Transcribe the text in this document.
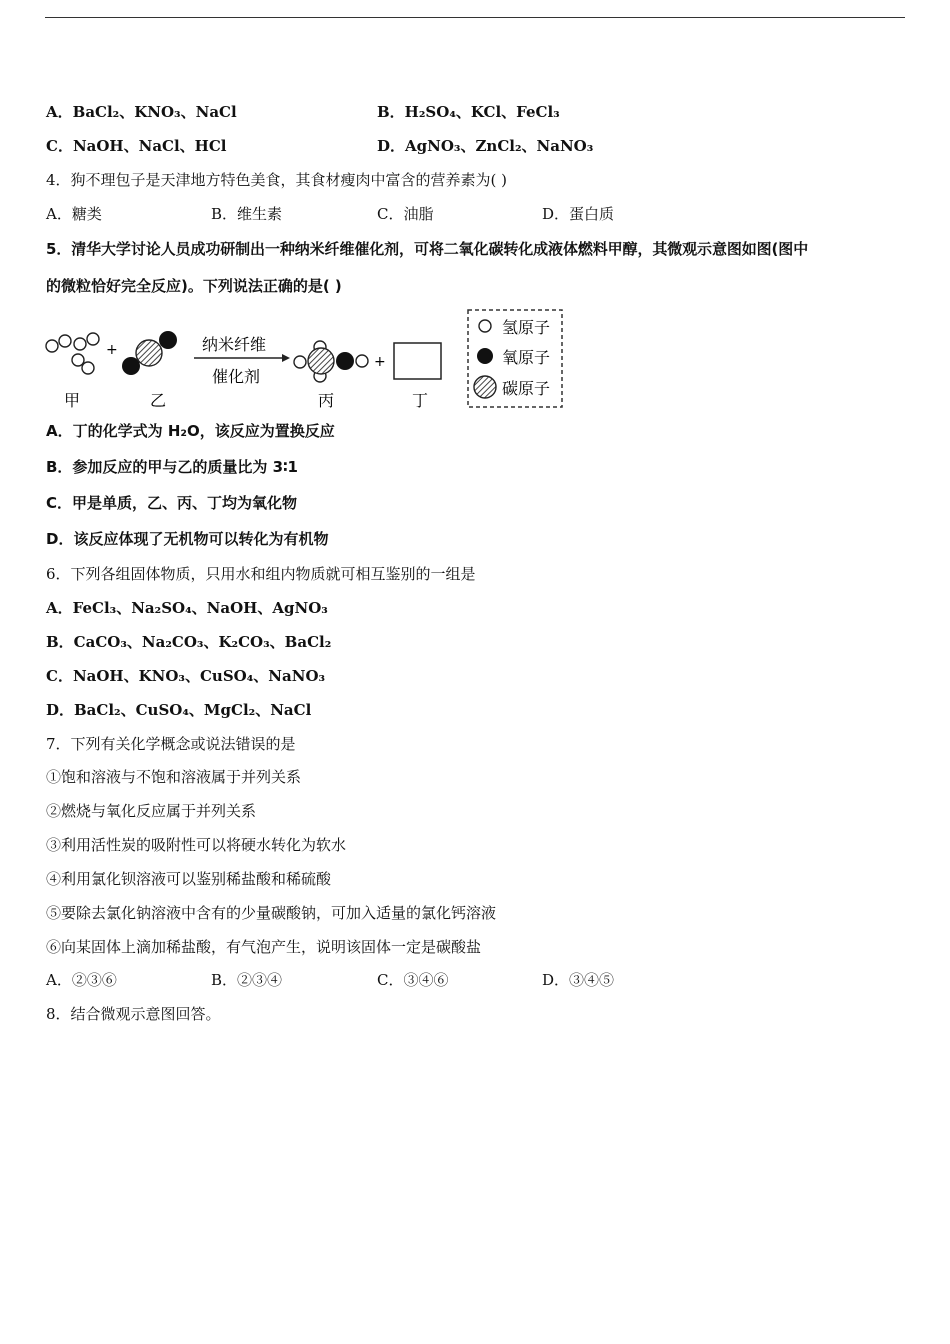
A．BaCl₂、KNO₃、NaCl	B．H₂SO₄、KCl、FeCl₃
C．NaOH、NaCl、HCl	D．AgNO₃、ZnCl₂、NaNO₃
4．狗不理包子是天津地方特色美食，其食材瘦肉中富含的营养素为( )
A．糖类	B．维生素	C．油脂	D．蛋白质
5．清华大学讨论人员成功研制出一种纳米纤维催化剂，可将二氧化碳转化成液体燃料甲醇，其微观示意图如图(图中
的微粒恰好完全反应)。下列说法正确的是( )
+	纳米纤维
催化剂
+
甲	乙	丙	丁
氢原子
氧原子
碳原子
A．丁的化学式为 H₂O，该反应为置换反应
B．参加反应的甲与乙的质量比为 3∶1
C．甲是单质，乙、丙、丁均为氧化物
D．该反应体现了无机物可以转化为有机物
6．下列各组固体物质，只用水和组内物质就可相互鉴别的一组是
A．FeCl₃、Na₂SO₄、NaOH、AgNO₃
B．CaCO₃、Na₂CO₃、K₂CO₃、BaCl₂
C．NaOH、KNO₃、CuSO₄、NaNO₃
D．BaCl₂、CuSO₄、MgCl₂、NaCl
7．下列有关化学概念或说法错误的是
①饱和溶液与不饱和溶液属于并列关系
②燃烧与氧化反应属于并列关系
③利用活性炭的吸附性可以将硬水转化为软水
④利用氯化钡溶液可以鉴别稀盐酸和稀硫酸
⑤要除去氯化钠溶液中含有的少量碳酸钠，可加入适量的氯化钙溶液
⑥向某固体上滴加稀盐酸，有气泡产生，说明该固体一定是碳酸盐
A．②③⑥	B．②③④	C．③④⑥	D．③④⑤
8．结合微观示意图回答。
